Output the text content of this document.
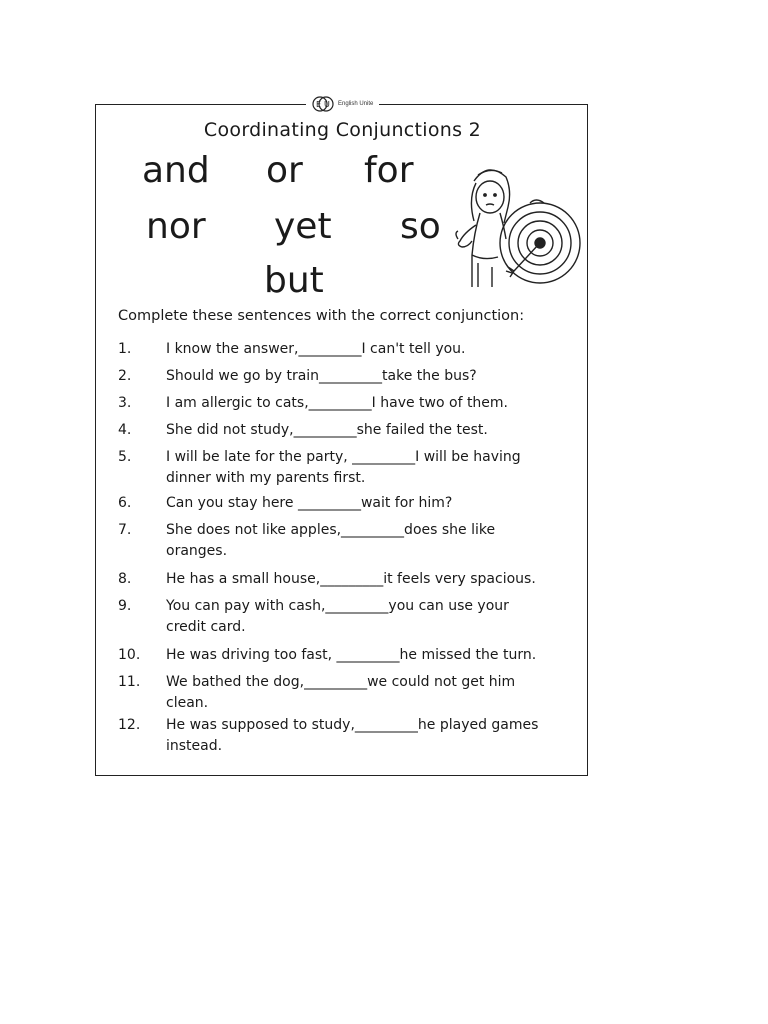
E U English Unite
Coordinating Conjunctions 2
and or for
nor yet so
but
Complete these sentences with the correct conjunction:
1.	I know the answer,_________I can't tell you.
2.	Should we go by train_________take the bus?
3.	I am allergic to cats,_________I have two of them.
4.	She did not study,_________she failed the test.
5.	I will be late for the party, _________I will be having
dinner with my parents first.
6.	Can you stay here _________wait for him?
7.	She does not like apples,_________does she like
oranges.
8.	He has a small house,_________it feels very spacious.
9.	You can pay with cash,_________you can use your
credit card.
10.	He was driving too fast, _________he missed the turn.
11.	We bathed the dog,_________we could not get him
clean.
12.	He was supposed to study,_________he played games
instead.
